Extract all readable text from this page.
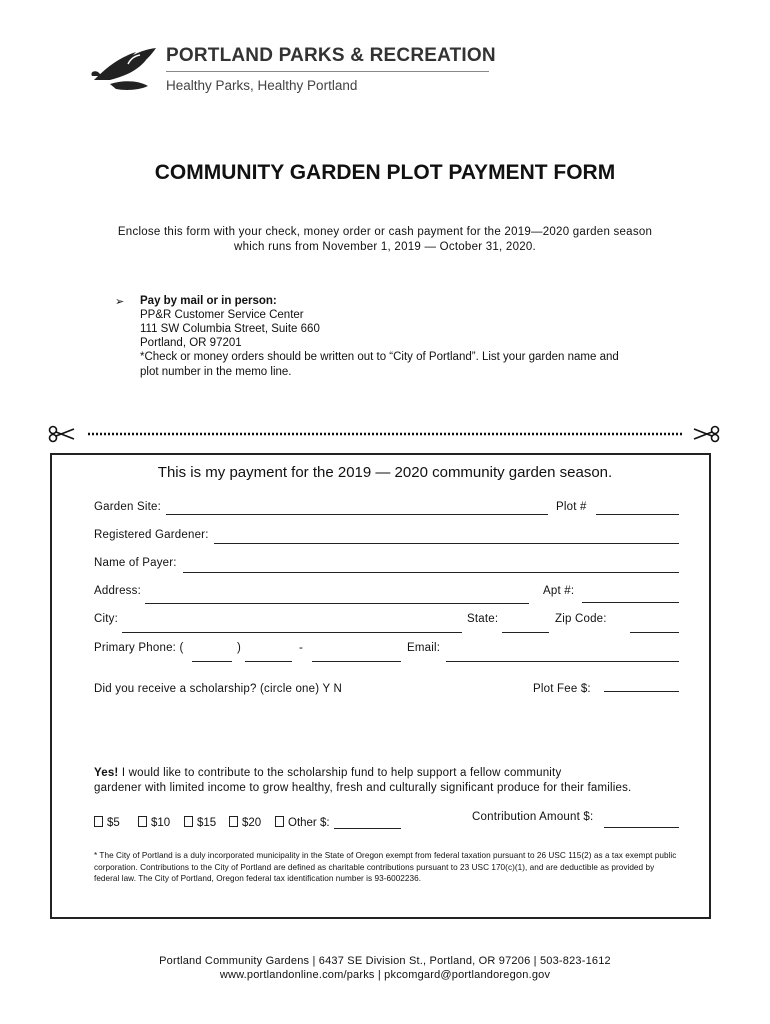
PORTLAND PARKS & RECREATION
Healthy Parks, Healthy Portland
COMMUNITY GARDEN PLOT PAYMENT FORM
Enclose this form with your check, money order or cash payment for the 2019—2020 garden season
which runs from November 1, 2019 — October 31, 2020.
➢ Pay by mail or in person:
PP&R Customer Service Center
111 SW Columbia Street, Suite 660
Portland, OR 97201
*Check or money orders should be written out to “City of Portland”. List your garden name and
plot number in the memo line.
This is my payment for the 2019 — 2020 community garden season.
Garden Site:	Plot #
Registered Gardener:
Name of Payer:
Address:	Apt #:
City:	State:	Zip Code:
Primary Phone: (	)	-	Email:
Did you receive a scholarship? (circle one) Y N	Plot Fee $:
Yes! I would like to contribute to the scholarship fund to help support a fellow community
gardener with limited income to grow healthy, fresh and culturally significant produce for their families.
$5	$10	$15	$20	Other $:	Contribution Amount $:
* The City of Portland is a duly incorporated municipality in the State of Oregon exempt from federal taxation pursuant to 26 USC 115(2) as a tax exempt public corporation. Contributions to the City of Portland are defined as charitable contributions pursuant to 23 USC 170(c)(1), and are deductible as provided by federal law. The City of Portland, Oregon federal tax identification number is 93-6002236.
Portland Community Gardens | 6437 SE Division St., Portland, OR 97206 | 503-823-1612
www.portlandonline.com/parks | pkcomgard@portlandoregon.gov
